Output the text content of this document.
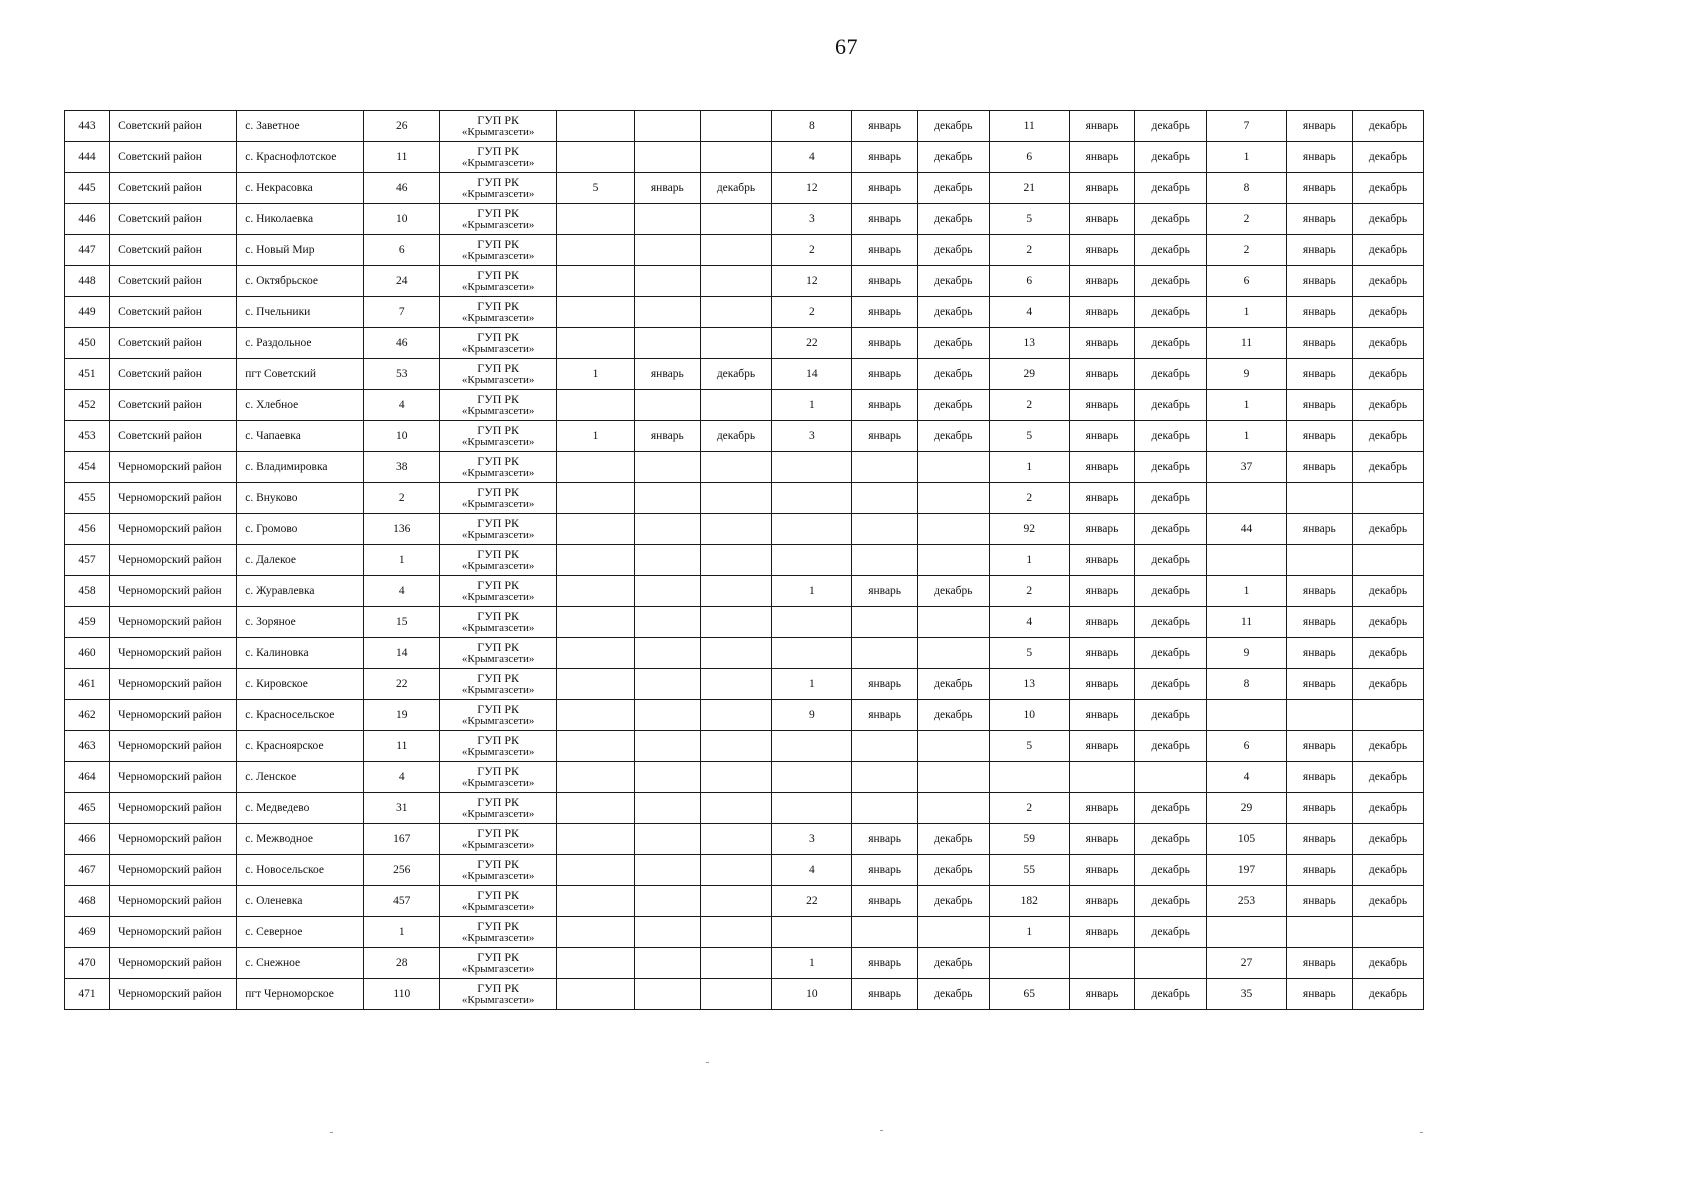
67
443	Советский район	с. Заветное	26	ГУП РК
«Крымгазсети»				8	январь	декабрь	11	январь	декабрь	7	январь	декабрь
444	Советский район	с. Краснофлотское	11	ГУП РК
«Крымгазсети»				4	январь	декабрь	6	январь	декабрь	1	январь	декабрь
445	Советский район	с. Некрасовка	46	ГУП РК
«Крымгазсети»	5	январь	декабрь	12	январь	декабрь	21	январь	декабрь	8	январь	декабрь
446	Советский район	с. Николаевка	10	ГУП РК
«Крымгазсети»				3	январь	декабрь	5	январь	декабрь	2	январь	декабрь
447	Советский район	с. Новый Мир	6	ГУП РК
«Крымгазсети»				2	январь	декабрь	2	январь	декабрь	2	январь	декабрь
448	Советский район	с. Октябрьское	24	ГУП РК
«Крымгазсети»				12	январь	декабрь	6	январь	декабрь	6	январь	декабрь
449	Советский район	с. Пчельники	7	ГУП РК
«Крымгазсети»				2	январь	декабрь	4	январь	декабрь	1	январь	декабрь
450	Советский район	с. Раздольное	46	ГУП РК
«Крымгазсети»				22	январь	декабрь	13	январь	декабрь	11	январь	декабрь
451	Советский район	пгт Советский	53	ГУП РК
«Крымгазсети»	1	январь	декабрь	14	январь	декабрь	29	январь	декабрь	9	январь	декабрь
452	Советский район	с. Хлебное	4	ГУП РК
«Крымгазсети»				1	январь	декабрь	2	январь	декабрь	1	январь	декабрь
453	Советский район	с. Чапаевка	10	ГУП РК
«Крымгазсети»	1	январь	декабрь	3	январь	декабрь	5	январь	декабрь	1	январь	декабрь
454	Черноморский район	с. Владимировка	38	ГУП РК
«Крымгазсети»							1	январь	декабрь	37	январь	декабрь
455	Черноморский район	с. Внуково	2	ГУП РК
«Крымгазсети»							2	январь	декабрь			
456	Черноморский район	с. Громово	136	ГУП РК
«Крымгазсети»							92	январь	декабрь	44	январь	декабрь
457	Черноморский район	с. Далекое	1	ГУП РК
«Крымгазсети»							1	январь	декабрь			
458	Черноморский район	с. Журавлевка	4	ГУП РК
«Крымгазсети»				1	январь	декабрь	2	январь	декабрь	1	январь	декабрь
459	Черноморский район	с. Зоряное	15	ГУП РК
«Крымгазсети»							4	январь	декабрь	11	январь	декабрь
460	Черноморский район	с. Калиновка	14	ГУП РК
«Крымгазсети»							5	январь	декабрь	9	январь	декабрь
461	Черноморский район	с. Кировское	22	ГУП РК
«Крымгазсети»				1	январь	декабрь	13	январь	декабрь	8	январь	декабрь
462	Черноморский район	с. Красносельское	19	ГУП РК
«Крымгазсети»				9	январь	декабрь	10	январь	декабрь			
463	Черноморский район	с. Красноярское	11	ГУП РК
«Крымгазсети»							5	январь	декабрь	6	январь	декабрь
464	Черноморский район	с. Ленское	4	ГУП РК
«Крымгазсети»										4	январь	декабрь
465	Черноморский район	с. Медведево	31	ГУП РК
«Крымгазсети»							2	январь	декабрь	29	январь	декабрь
466	Черноморский район	с. Межводное	167	ГУП РК
«Крымгазсети»				3	январь	декабрь	59	январь	декабрь	105	январь	декабрь
467	Черноморский район	с. Новосельское	256	ГУП РК
«Крымгазсети»				4	январь	декабрь	55	январь	декабрь	197	январь	декабрь
468	Черноморский район	с. Оленевка	457	ГУП РК
«Крымгазсети»				22	январь	декабрь	182	январь	декабрь	253	январь	декабрь
469	Черноморский район	с. Северное	1	ГУП РК
«Крымгазсети»							1	январь	декабрь			
470	Черноморский район	с. Снежное	28	ГУП РК
«Крымгазсети»				1	январь	декабрь				27	январь	декабрь
471	Черноморский район	пгт Черноморское	110	ГУП РК
«Крымгазсети»				10	январь	декабрь	65	январь	декабрь	35	январь	декабрь
